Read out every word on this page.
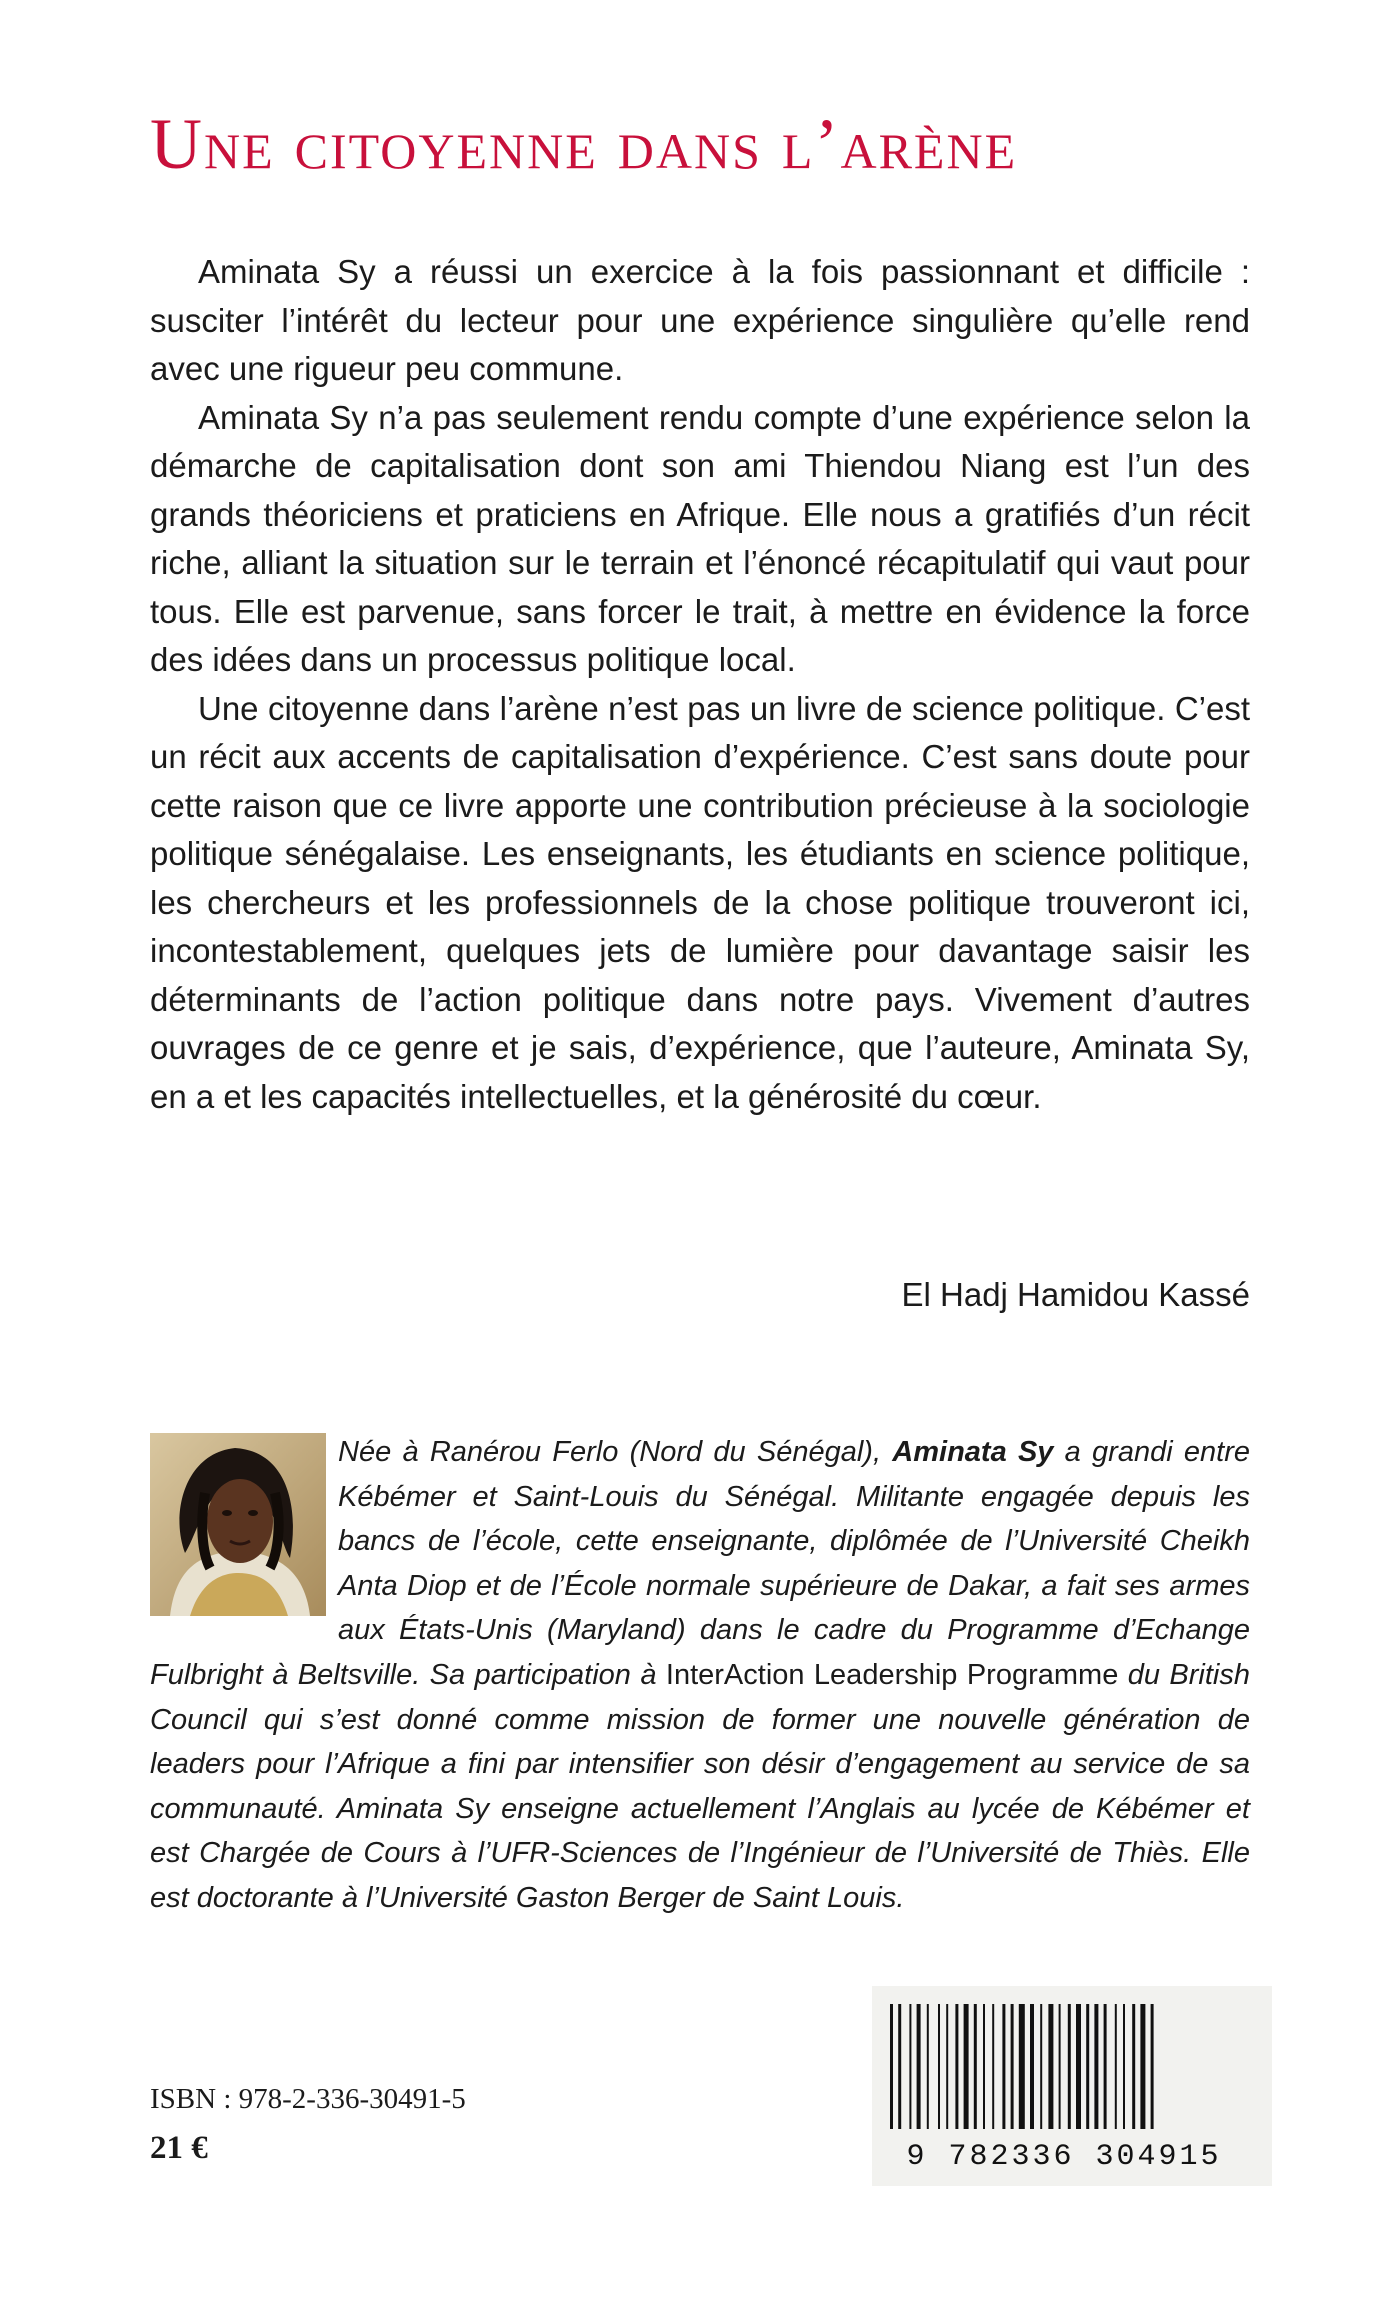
Une citoyenne dans l’arène

Aminata Sy a réussi un exercice à la fois passionnant et difficile : susciter l’intérêt du lecteur pour une expérience singulière qu’elle rend avec une rigueur peu commune.

Aminata Sy n’a pas seulement rendu compte d’une expérience selon la démarche de capitalisation dont son ami Thiendou Niang est l’un des grands théoriciens et praticiens en Afrique. Elle nous a gratifiés d’un récit riche, alliant la situation sur le terrain et l’énoncé récapitulatif qui vaut pour tous. Elle est parvenue, sans forcer le trait, à mettre en évidence la force des idées dans un processus politique local.

Une citoyenne dans l’arène n’est pas un livre de science politique. C’est un récit aux accents de capitalisation d’expérience. C’est sans doute pour cette raison que ce livre apporte une contribution précieuse à la sociologie politique sénégalaise. Les enseignants, les étudiants en science politique, les chercheurs et les professionnels de la chose politique trouveront ici, incontestablement, quelques jets de lumière pour davantage saisir les déterminants de l’action politique dans notre pays. Vivement d’autres ouvrages de ce genre et je sais, d’expérience, que l’auteure, Aminata Sy, en a et les capacités intellectuelles, et la générosité du cœur.

El Hadj Hamidou Kassé
Née à Ranérou Ferlo (Nord du Sénégal), Aminata Sy a grandi entre Kébémer et Saint-Louis du Sénégal. Militante engagée depuis les bancs de l’école, cette enseignante, diplômée de l’Université Cheikh Anta Diop et de l’École normale supérieure de Dakar, a fait ses armes aux États-Unis (Maryland) dans le cadre du Programme d’Echange Fulbright à Beltsville. Sa participation à InterAction Leadership Programme du British Council qui s’est donné comme mission de former une nouvelle génération de leaders pour l’Afrique a fini par intensifier son désir d’engagement au service de sa communauté. Aminata Sy enseigne actuellement l’Anglais au lycée de Kébémer et est Chargée de Cours à l’UFR-Sciences de l’Ingénieur de l’Université de Thiès. Elle est doctorante à l’Université Gaston Berger de Saint Louis.
ISBN : 978-2-336-30491-5
21 €	9 782336 304915
